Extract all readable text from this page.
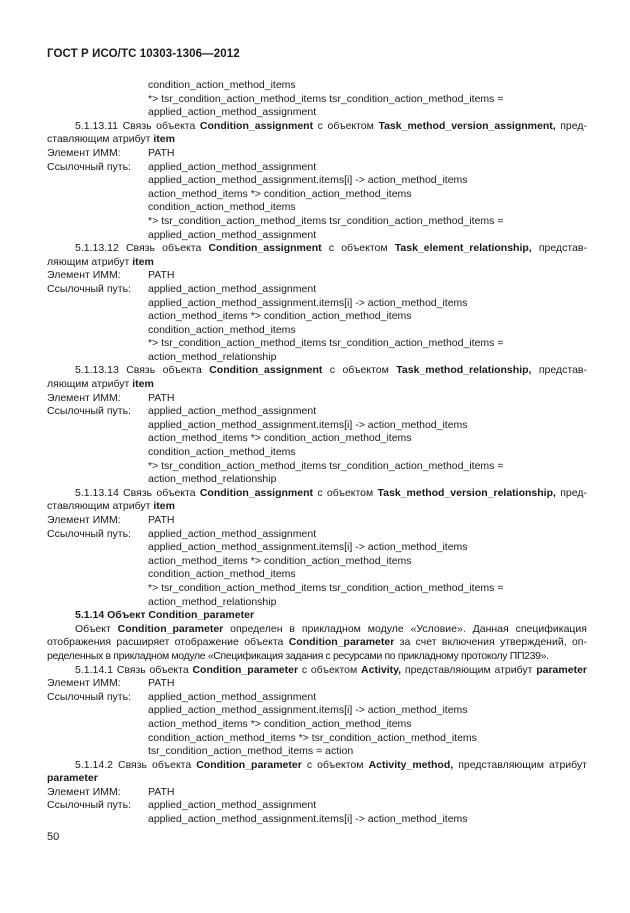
ГОСТ Р ИСО/ТС 10303-1306—2012
condition_action_method_items
*> tsr_condition_action_method_items tsr_condition_action_method_items =
applied_action_method_assignment
5.1.13.11 Связь объекта Condition_assignment с объектом Task_method_version_assignment, пред-
ставляющим атрибут item
Элемент ИММ:	PATH
Ссылочный путь: applied_action_method_assignment
applied_action_method_assignment.items[i] -> action_method_items
action_method_items *> condition_action_method_items
condition_action_method_items
*> tsr_condition_action_method_items tsr_condition_action_method_items =
applied_action_method_assignment
5.1.13.12 Связь объекта Condition_assignment с объектом Task_element_relationship, представ-
ляющим атрибут item
Элемент ИММ:	PATH
Ссылочный путь: applied_action_method_assignment
applied_action_method_assignment.items[i] -> action_method_items
action_method_items *> condition_action_method_items
condition_action_method_items
*> tsr_condition_action_method_items tsr_condition_action_method_items =
action_method_relationship
5.1.13.13 Связь объекта Condition_assignment с объектом Task_method_relationship, представ-
ляющим атрибут item
Элемент ИММ:	PATH
Ссылочный путь: applied_action_method_assignment
applied_action_method_assignment.items[i] -> action_method_items
action_method_items *> condition_action_method_items
condition_action_method_items
*> tsr_condition_action_method_items tsr_condition_action_method_items =
action_method_relationship
5.1.13.14 Связь объекта Condition_assignment с объектом Task_method_version_relationship, пред-
ставляющим атрибут item
Элемент ИММ:	PATH
Ссылочный путь: applied_action_method_assignment
applied_action_method_assignment.items[i] -> action_method_items
action_method_items *> condition_action_method_items
condition_action_method_items
*> tsr_condition_action_method_items tsr_condition_action_method_items =
action_method_relationship
5.1.14 Объект Condition_parameter
Объект Condition_parameter определен в прикладном модуле «Условие». Данная спецификация
отображения расширяет отображение объекта Condition_parameter за счет включения утверждений, оп-
ределенных в прикладном модуле «Спецификация задания с ресурсами по прикладному протоколу ПП239».
5.1.14.1 Связь объекта Condition_parameter с объектом Activity, представляющим атрибут parameter
Элемент ИММ:	PATH
Ссылочный путь: applied_action_method_assignment
applied_action_method_assignment.items[i] -> action_method_items
action_method_items *> condition_action_method_items
condition_action_method_items *> tsr_condition_action_method_items
tsr_condition_action_method_items = action
5.1.14.2 Связь объекта Condition_parameter с объектом Activity_method, представляющим атрибут
parameter
Элемент ИММ:	PATH
Ссылочный путь: applied_action_method_assignment
applied_action_method_assignment.items[i] -> action_method_items
50
